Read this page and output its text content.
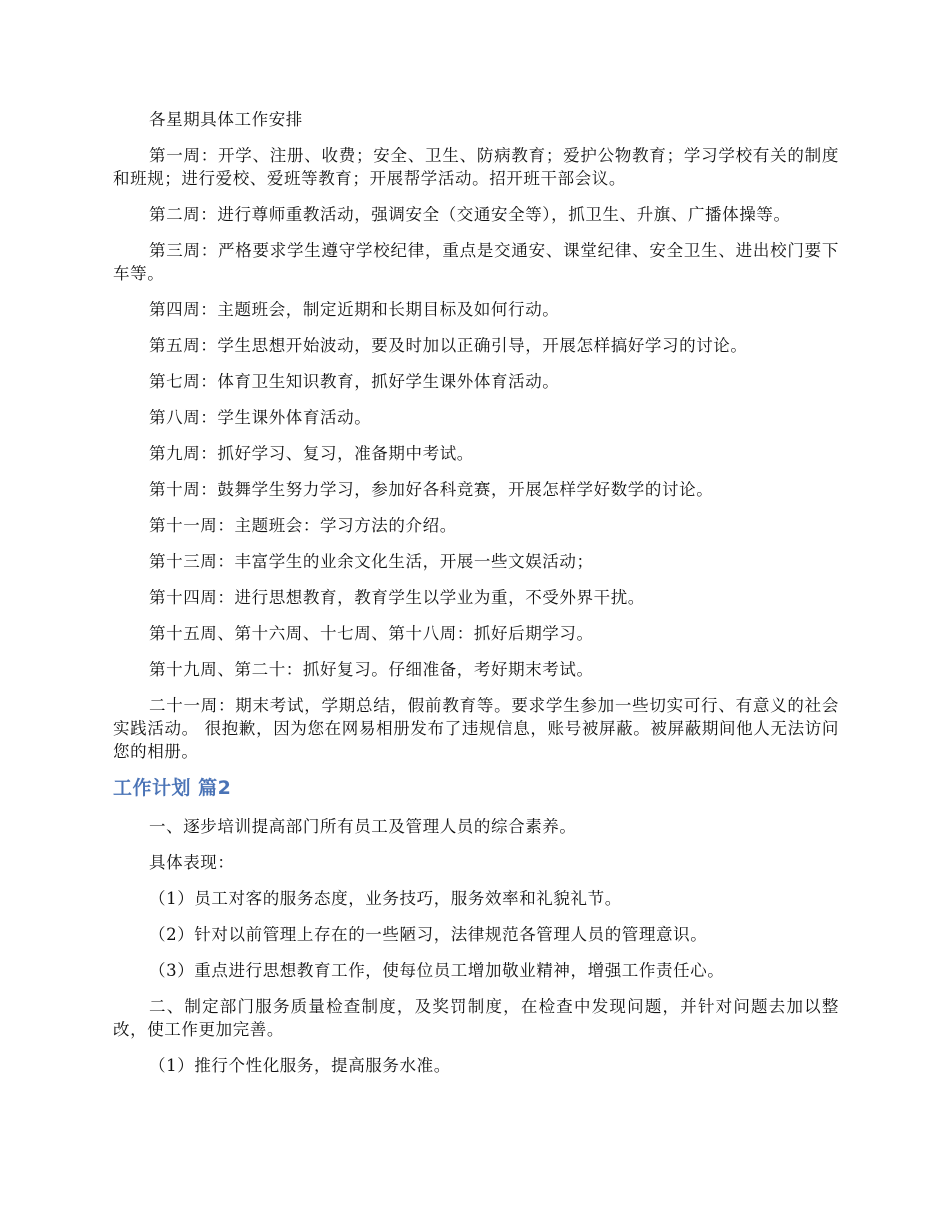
各星期具体工作安排

第一周：开学、注册、收费；安全、卫生、防病教育；爱护公物教育；学习学校有关的制度和班规；进行爱校、爱班等教育；开展帮学活动。招开班干部会议。

第二周：进行尊师重教活动，强调安全（交通安全等），抓卫生、升旗、广播体操等。

第三周：严格要求学生遵守学校纪律，重点是交通安、课堂纪律、安全卫生、进出校门要下车等。

第四周：主题班会，制定近期和长期目标及如何行动。

第五周：学生思想开始波动，要及时加以正确引导，开展怎样搞好学习的讨论。

第七周：体育卫生知识教育，抓好学生课外体育活动。

第八周：学生课外体育活动。

第九周：抓好学习、复习，准备期中考试。

第十周：鼓舞学生努力学习，参加好各科竞赛，开展怎样学好数学的讨论。

第十一周：主题班会：学习方法的介绍。

第十三周：丰富学生的业余文化生活，开展一些文娱活动；

第十四周：进行思想教育，教育学生以学业为重，不受外界干扰。

第十五周、第十六周、十七周、第十八周：抓好后期学习。

第十九周、第二十：抓好复习。仔细准备，考好期末考试。

二十一周：期末考试，学期总结，假前教育等。要求学生参加一些切实可行、有意义的社会实践活动。 很抱歉，因为您在网易相册发布了违规信息，账号被屏蔽。被屏蔽期间他人无法访问您的相册。

工作计划 篇2

一、逐步培训提高部门所有员工及管理人员的综合素养。

具体表现：

（1）员工对客的服务态度，业务技巧，服务效率和礼貌礼节。

（2）针对以前管理上存在的一些陋习，法律规范各管理人员的管理意识。

（3）重点进行思想教育工作，使每位员工增加敬业精神，增强工作责任心。

二、制定部门服务质量检查制度，及奖罚制度，在检查中发现问题，并针对问题去加以整改，使工作更加完善。

（1）推行个性化服务，提高服务水准。
